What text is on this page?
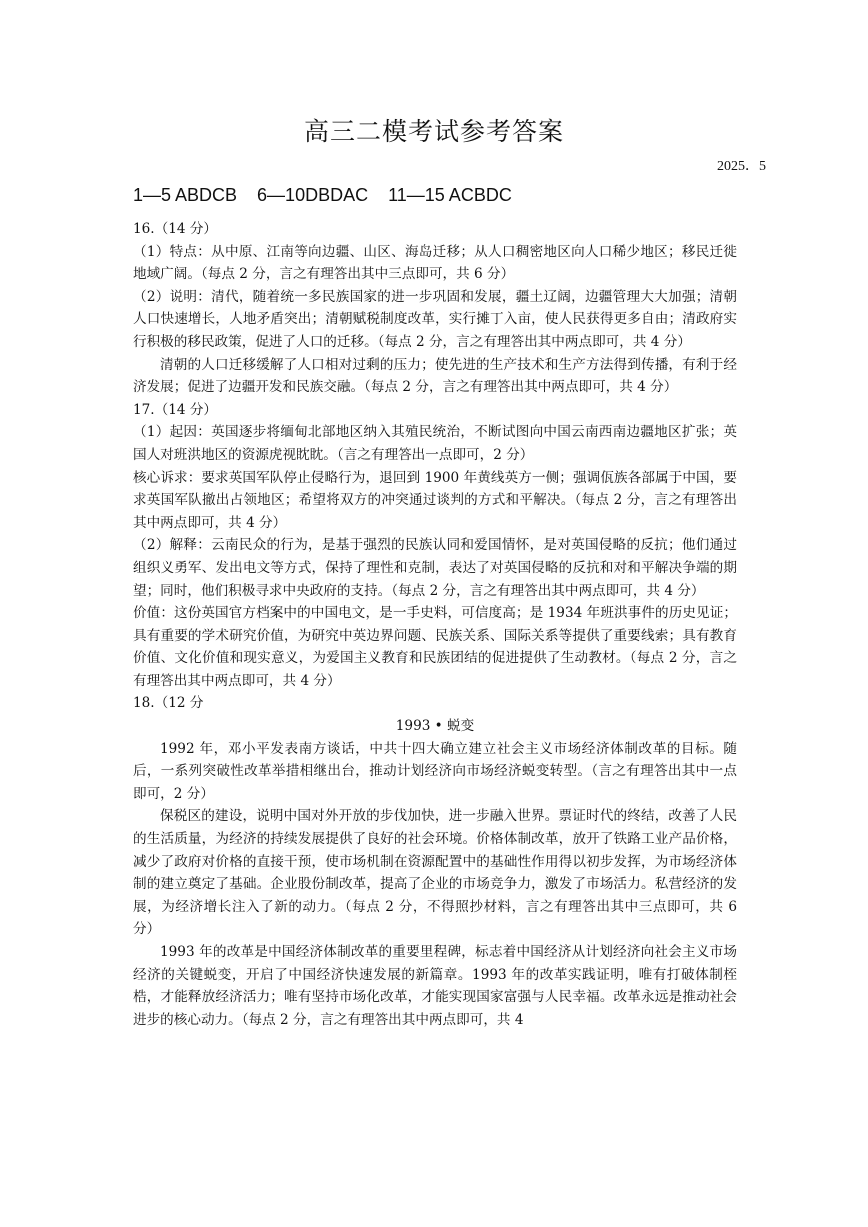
高三二模考试参考答案
2025．5
1—5 ABDCB    6—10DBDAC    11—15 ACBDC

16.（14 分）

（1）特点：从中原、江南等向边疆、山区、海岛迁移；从人口稠密地区向人口稀少地区；移民迁徙地域广阔。（每点 2 分，言之有理答出其中三点即可，共 6 分）

（2）说明：清代，随着统一多民族国家的进一步巩固和发展，疆土辽阔，边疆管理大大加强；清朝人口快速增长，人地矛盾突出；清朝赋税制度改革，实行摊丁入亩，使人民获得更多自由；清政府实行积极的移民政策，促进了人口的迁移。（每点 2 分，言之有理答出其中两点即可，共 4 分）

清朝的人口迁移缓解了人口相对过剩的压力；使先进的生产技术和生产方法得到传播，有利于经济发展；促进了边疆开发和民族交融。（每点 2 分，言之有理答出其中两点即可，共 4 分）

17.（14 分）

（1）起因：英国逐步将缅甸北部地区纳入其殖民统治，不断试图向中国云南西南边疆地区扩张；英国人对班洪地区的资源虎视眈眈。（言之有理答出一点即可，2 分）

核心诉求：要求英国军队停止侵略行为，退回到 1900 年黄线英方一侧；强调佤族各部属于中国，要求英国军队撤出占领地区；希望将双方的冲突通过谈判的方式和平解决。（每点 2 分，言之有理答出其中两点即可，共 4 分）

（2）解释：云南民众的行为，是基于强烈的民族认同和爱国情怀，是对英国侵略的反抗；他们通过组织义勇军、发出电文等方式，保持了理性和克制，表达了对英国侵略的反抗和对和平解决争端的期望；同时，他们积极寻求中央政府的支持。（每点 2 分，言之有理答出其中两点即可，共 4 分）

价值：这份英国官方档案中的中国电文，是一手史料，可信度高；是 1934 年班洪事件的历史见证；具有重要的学术研究价值，为研究中英边界问题、民族关系、国际关系等提供了重要线索；具有教育价值、文化价值和现实意义，为爱国主义教育和民族团结的促进提供了生动教材。（每点 2 分，言之有理答出其中两点即可，共 4 分）

18.（12 分

1993 • 蜕变

1992 年，邓小平发表南方谈话，中共十四大确立建立社会主义市场经济体制改革的目标。随后，一系列突破性改革举措相继出台，推动计划经济向市场经济蜕变转型。（言之有理答出其中一点即可，2 分）

保税区的建设，说明中国对外开放的步伐加快，进一步融入世界。票证时代的终结，改善了人民的生活质量，为经济的持续发展提供了良好的社会环境。价格体制改革，放开了铁路工业产品价格，减少了政府对价格的直接干预，使市场机制在资源配置中的基础性作用得以初步发挥，为市场经济体制的建立奠定了基础。企业股份制改革，提高了企业的市场竞争力，激发了市场活力。私营经济的发展，为经济增长注入了新的动力。（每点 2 分，不得照抄材料，言之有理答出其中三点即可，共 6 分）

1993 年的改革是中国经济体制改革的重要里程碑，标志着中国经济从计划经济向社会主义市场经济的关键蜕变，开启了中国经济快速发展的新篇章。1993 年的改革实践证明，唯有打破体制桎梏，才能释放经济活力；唯有坚持市场化改革，才能实现国家富强与人民幸福。改革永远是推动社会进步的核心动力。（每点 2 分，言之有理答出其中两点即可，共 4
